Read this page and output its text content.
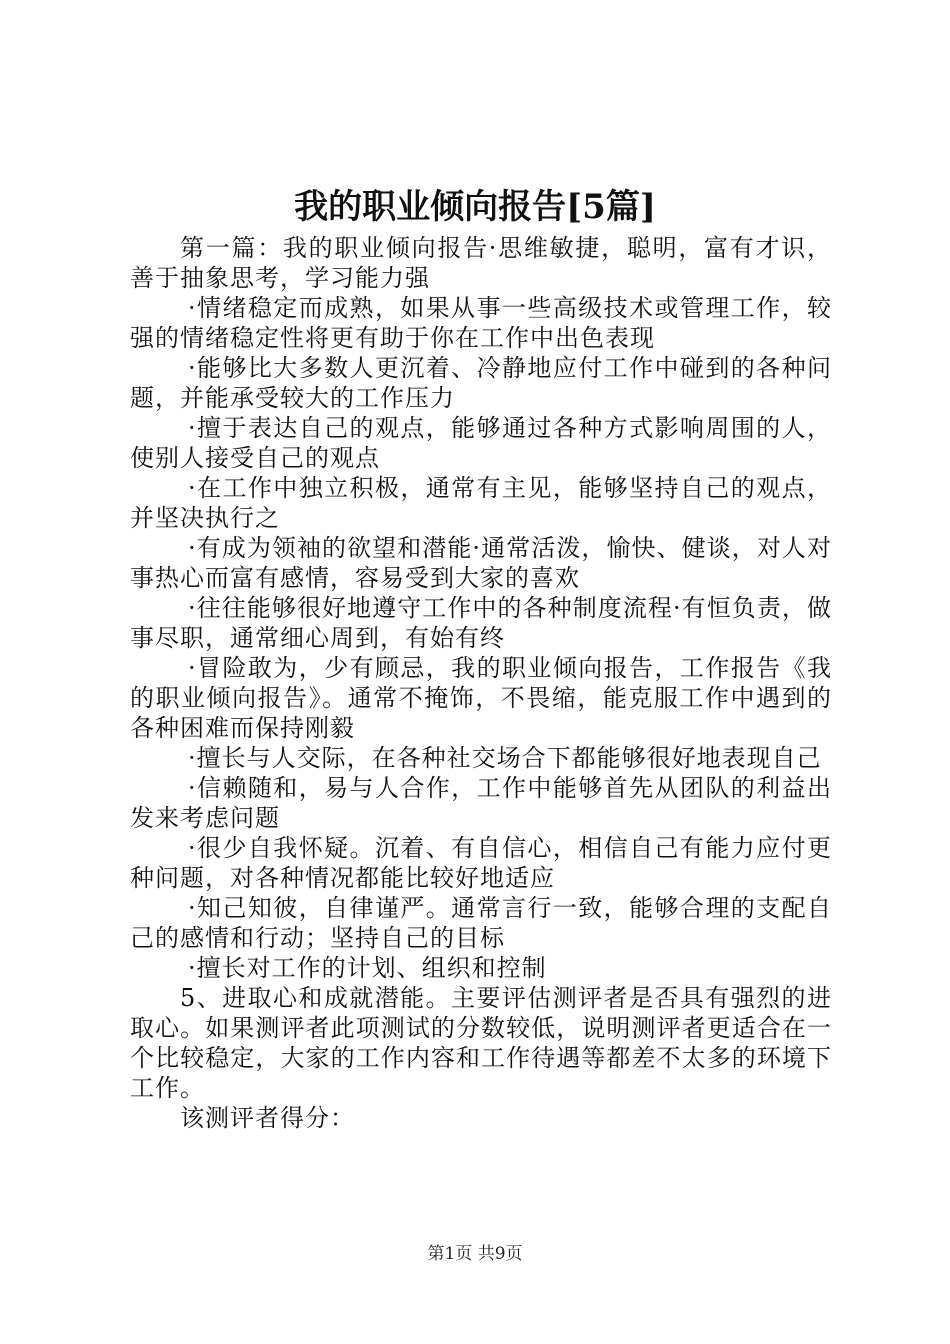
我的职业倾向报告[5篇]

第一篇：我的职业倾向报告·思维敏捷，聪明，富有才识，善于抽象思考，学习能力强

·情绪稳定而成熟，如果从事一些高级技术或管理工作，较强的情绪稳定性将更有助于你在工作中出色表现

·能够比大多数人更沉着、冷静地应付工作中碰到的各种问题，并能承受较大的工作压力

·擅于表达自己的观点，能够通过各种方式影响周围的人，使别人接受自己的观点

·在工作中独立积极，通常有主见，能够坚持自己的观点，并坚决执行之

·有成为领袖的欲望和潜能·通常活泼，愉快、健谈，对人对事热心而富有感情，容易受到大家的喜欢

·往往能够很好地遵守工作中的各种制度流程·有恒负责，做事尽职，通常细心周到，有始有终

·冒险敢为，少有顾忌，我的职业倾向报告，工作报告《我的职业倾向报告》。通常不掩饰，不畏缩，能克服工作中遇到的各种困难而保持刚毅

·擅长与人交际，在各种社交场合下都能够很好地表现自己

·信赖随和，易与人合作，工作中能够首先从团队的利益出发来考虑问题

·很少自我怀疑。沉着、有自信心，相信自己有能力应付更种问题，对各种情况都能比较好地适应

·知己知彼，自律谨严。通常言行一致，能够合理的支配自己的感情和行动；坚持自己的目标

·擅长对工作的计划、组织和控制

5、进取心和成就潜能。主要评估测评者是否具有强烈的进取心。如果测评者此项测试的分数较低，说明测评者更适合在一个比较稳定，大家的工作内容和工作待遇等都差不太多的环境下工作。

该测评者得分：

第1页 共9页
